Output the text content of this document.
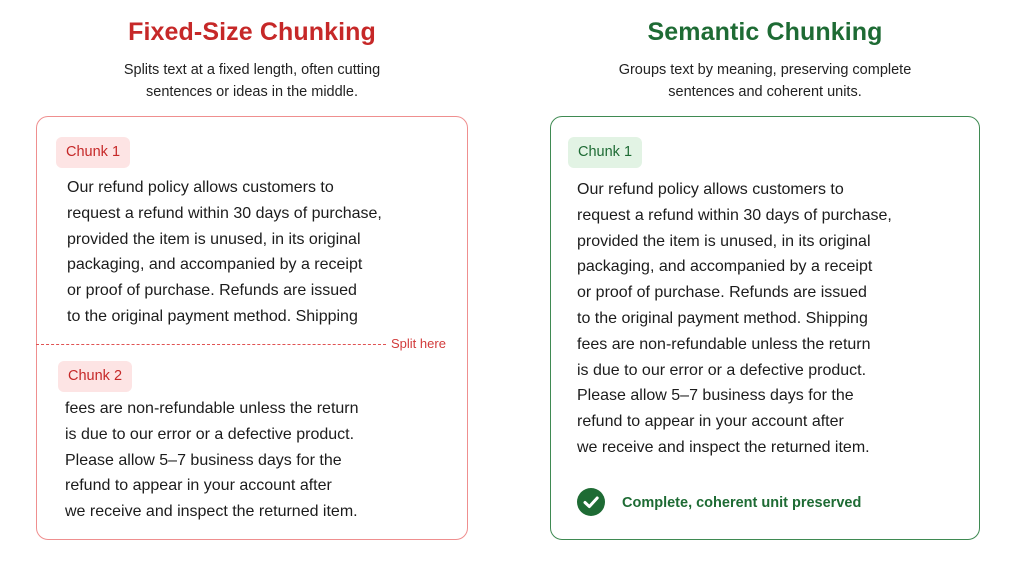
Fixed-Size Chunking
Splits text at a fixed length, often cutting
sentences or ideas in the middle.
Chunk 1
Our refund policy allows customers to
request a refund within 30 days of purchase,
provided the item is unused, in its original
packaging, and accompanied by a receipt
or proof of purchase. Refunds are issued
to the original payment method. Shipping
Split here
Chunk 2
fees are non-refundable unless the return
is due to our error or a defective product.
Please allow 5–7 business days for the
refund to appear in your account after
we receive and inspect the returned item.
Semantic Chunking
Groups text by meaning, preserving complete
sentences and coherent units.
Chunk 1
Our refund policy allows customers to
request a refund within 30 days of purchase,
provided the item is unused, in its original
packaging, and accompanied by a receipt
or proof of purchase. Refunds are issued
to the original payment method. Shipping
fees are non-refundable unless the return
is due to our error or a defective product.
Please allow 5–7 business days for the
refund to appear in your account after
we receive and inspect the returned item.
Complete, coherent unit preserved
